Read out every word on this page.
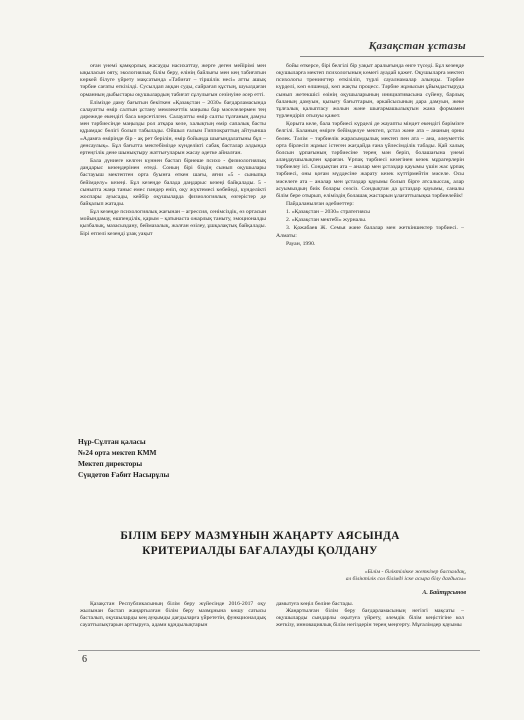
Қазақстан ұстазы

оған үнемі қамқорлық жасауды насихаттау, жерге деген мейірімі мен ықыласын ояту, экологиялық білім беру, елінің байлығы мен кең табиғатын көркей білуге үйрету мақсатында «Табиғат – тіршілік несі» атты ашық тәрбие сағаты өткізілді. Сусылдап аққан суды, сайрағап құстың, шуылдаған орманның дыбыстары оқушылардың табиғат сұлулығын сезінуіне әсер етті.

Елімізде даму бағытын бекіткен «Қазақстан – 2030» бағдарламасында салауатты өмір салтын ұстану мемлекеттік маңызы бар мәселелермен тең дәрежеде екендігі баса көрсетілген. Салауатты өмір салты тұлғаның дамуы мен тәрбиесінде маңызды рол атқара келе, халықтың өмір сапалық басты құрамдас бөлігі болып табылады. Ойшыл ғалым Гиппократтың айтуынша «Адамға өмірінде бір - ақ рет берілін, өмір бойында шығындалатыны бұл – денсаулық». Бұл бағытта мектебімізде күнделікті сабақ басталар алдында ертеңгілік дене шынықтыру жаттығуларын жасау әдетке айналған.

Бала дүниеге келген күннен бастап бірнеше психо - физиологиялық даңдарыс кезеңдерінен өтеді. Соның бірі біздің сынып оқушылары бастауыш мектептен орта буынға өткен шағы, яғни «5 - сыныпқа бейімделу» кезеңі. Бұл кезеңде балада даңдарыс кезеңі байқалады. 5 - сыныпта жаңа таныс емес пәндер еніп, оқу жүктемесі көбейеді, күнделікті жоспары ауысады, кейбір оқушыларда физиологиялық өзгерістер де байқалып жатады.

Бұл кезеңде психологиялық жағынан – агрессия, сенімсіздік, өз ортасын мойындамау, өшпенділік, қарым – қатынаста ожарлық таныту, эмоционалды қызбалық, мазасыздану, беймазалық, жалған өзілеу, ұшқалақтық байқалады. Бірі өтпелі кезеңді ұзақ уақыт

бойы өткерсе, бірі белгілі бір уақыт аралығында өнге түседі. Бұл кезеңде оқушыларға мектеп психологының көмегі ауадай қажет. Оқушыларға мектеп психологы тренингтер өткізіліп, түрлі сауалнамалар алынды. Тәрбие күрделі, көп өлшемді, көп жақты процесс. Тәрбие жұмысын ұйымдастыруда сынып жетекшісі өзінің оқушыларының инициативасына сүйену, барлық баланың дамуын, қызығу бағыттарын, әркайсысының дара дамуын, жеке тұлғалық қалыптасу жолын және шығармашылықтын жана формамен түрлендіріп отызуы қажет.

Қорыта келе, бала тәрбиесі күрделі де жауапты міндет екендігі бәрімізге белгілі. Баланың өмірге бейімделуе мектеп, ұстаз және ата – ананың орны бөлек. Тәлім – тәрбиелік жарасымдылық мектеп пен ата – ана, әлеуметтік орта бірлесіп жұмыс істеген жағдайда ғана үйлесімділік табады. Қай халық болсын ұрпағының тәрбиесіне терең мән беріп, болашағына үнемі алаңдаушылықпен қараған. Ұрпақ тәрбиесі кезегінен кезек мұрагерлерін тәрбиелеу ісі. Сондықтан ата – аналар мен ұстаздар қауымы үшін жас ұрпақ тәрбиесі, оны қоғам мүддесіне жарату кезек күттірмейтін мәселе. Осы мәселеге ата – аналар мен ұстаздар қауымы болып бірге атсалыссақ, алар асуымыздың биік болары сөзсіз. Сондықтан да ұстаздар қауымы, саналы білім бере отырып, еліміздің болашақ жастарын ұлағаттылықка тәрбиелейік!

Пайдаланылған әдебиеттер:

1. «Қазақстан – 2030» стратегиясы

2. «Қазақстан мектебі» журналы.

3. Қожабаев Ж. Семья және балалар мен жеткіншектер тәрбиесі. – Алматы:

Рауан, 1990.

Нұр-Сұлтан қаласы
№24 орта мектеп КММ
Мектеп директоры
Сүндетов Ғабит Насырұлы
БІЛІМ БЕРУ МАЗМҰНЫН ЖАҢАРТУ АЯСЫНДА
КРИТЕРИАЛДЫ БАҒАЛАУДЫ ҚОЛДАНУ
«Білім - біліктілікке жеткізер баспалдақ,
ал біліктілік сол білімді іске асыра білу дағдысы»
А. Байтұрсынов

Қазақстан Республикасының білім беру жүйесінде 2016-2017 оқу жылынан бастап жаңартылған білім беру мазмұнына көшу сатысы басталып, оқушыларды кең ауқымды дағдыларға үйрететін, функционалдық сауаттылықтарын арттыруға, адами құндылықтарын

дамытуға көңіл бөліне бастады.

Жаңартылған білім беру бағдарламасының негізгі мақсаты – оқушыларды сындарлы оқытуға үйрету, әлемдік білім кеңістігіне кол жеткізу, инновациялық білім негіздерін терең меңгерту. Мұғалімдер қауымы

6
